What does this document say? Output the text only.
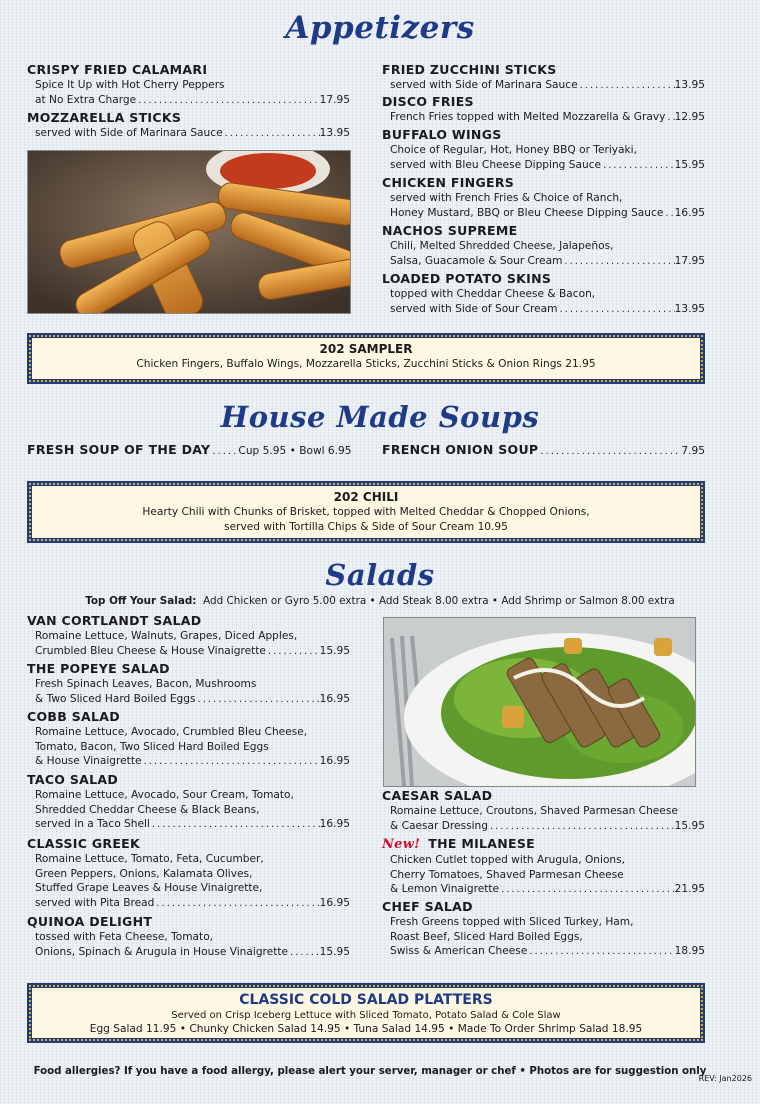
Appetizers
CRISPY FRIED CALAMARI
Spice It Up with Hot Cherry Peppers
at No Extra Charge .....	17.95
MOZZARELLA STICKS
served with Side of Marinara Sauce .....	13.95
FRIED ZUCCHINI STICKS
served with Side of Marinara Sauce .....	13.95
DISCO FRIES
French Fries topped with Melted Mozzarella & Gravy ..... 12.95
BUFFALO WINGS
Choice of Regular, Hot, Honey BBQ or Teriyaki,
served with Bleu Cheese Dipping Sauce .....	15.95
CHICKEN FINGERS
served with French Fries & Choice of Ranch,
Honey Mustard, BBQ or Bleu Cheese Dipping Sauce ..... 16.95
NACHOS SUPREME
Chili, Melted Shredded Cheese, Jalapeños,
Salsa, Guacamole & Sour Cream .....	17.95
LOADED POTATO SKINS
topped with Cheddar Cheese & Bacon,
served with Side of Sour Cream .....	13.95
202 SAMPLER
Chicken Fingers, Buffalo Wings, Mozzarella Sticks, Zucchini Sticks & Onion Rings 21.95
House Made Soups
FRESH SOUP OF THE DAY .....	Cup 5.95 • Bowl 6.95 FRENCH ONION SOUP .....	7.95
202 CHILI
Hearty Chili with Chunks of Brisket, topped with Melted Cheddar & Chopped Onions,
served with Tortilla Chips & Side of Sour Cream 10.95
Salads
Top Off Your Salad: Add Chicken or Gyro 5.00 extra • Add Steak 8.00 extra • Add Shrimp or Salmon 8.00 extra
VAN CORTLANDT SALAD
Romaine Lettuce, Walnuts, Grapes, Diced Apples,
Crumbled Bleu Cheese & House Vinaigrette .....	15.95
THE POPEYE SALAD
Fresh Spinach Leaves, Bacon, Mushrooms
& Two Sliced Hard Boiled Eggs .....	16.95
COBB SALAD
Romaine Lettuce, Avocado, Crumbled Bleu Cheese,
Tomato, Bacon, Two Sliced Hard Boiled Eggs
& House Vinaigrette .....	16.95
TACO SALAD
Romaine Lettuce, Avocado, Sour Cream, Tomato,
Shredded Cheddar Cheese & Black Beans,
served in a Taco Shell .....	16.95
CLASSIC GREEK
Romaine Lettuce, Tomato, Feta, Cucumber,
Green Peppers, Onions, Kalamata Olives,
Stuffed Grape Leaves & House Vinaigrette,
served with Pita Bread .....	16.95
QUINOA DELIGHT
tossed with Feta Cheese, Tomato,
Onions, Spinach & Arugula in House Vinaigrette .....	15.95
CAESAR SALAD
Romaine Lettuce, Croutons, Shaved Parmesan Cheese
& Caesar Dressing .....	15.95
New! THE MILANESE
Chicken Cutlet topped with Arugula, Onions,
Cherry Tomatoes, Shaved Parmesan Cheese
& Lemon Vinaigrette .....	21.95
CHEF SALAD
Fresh Greens topped with Sliced Turkey, Ham,
Roast Beef, Sliced Hard Boiled Eggs,
Swiss & American Cheese .....	18.95
CLASSIC COLD SALAD PLATTERS
Served on Crisp Iceberg Lettuce with Sliced Tomato, Potato Salad & Cole Slaw
Egg Salad 11.95 • Chunky Chicken Salad 14.95 • Tuna Salad 14.95 • Made To Order Shrimp Salad 18.95
Food allergies? If you have a food allergy, please alert your server, manager or chef • Photos are for suggestion only
REV: Jan2026
